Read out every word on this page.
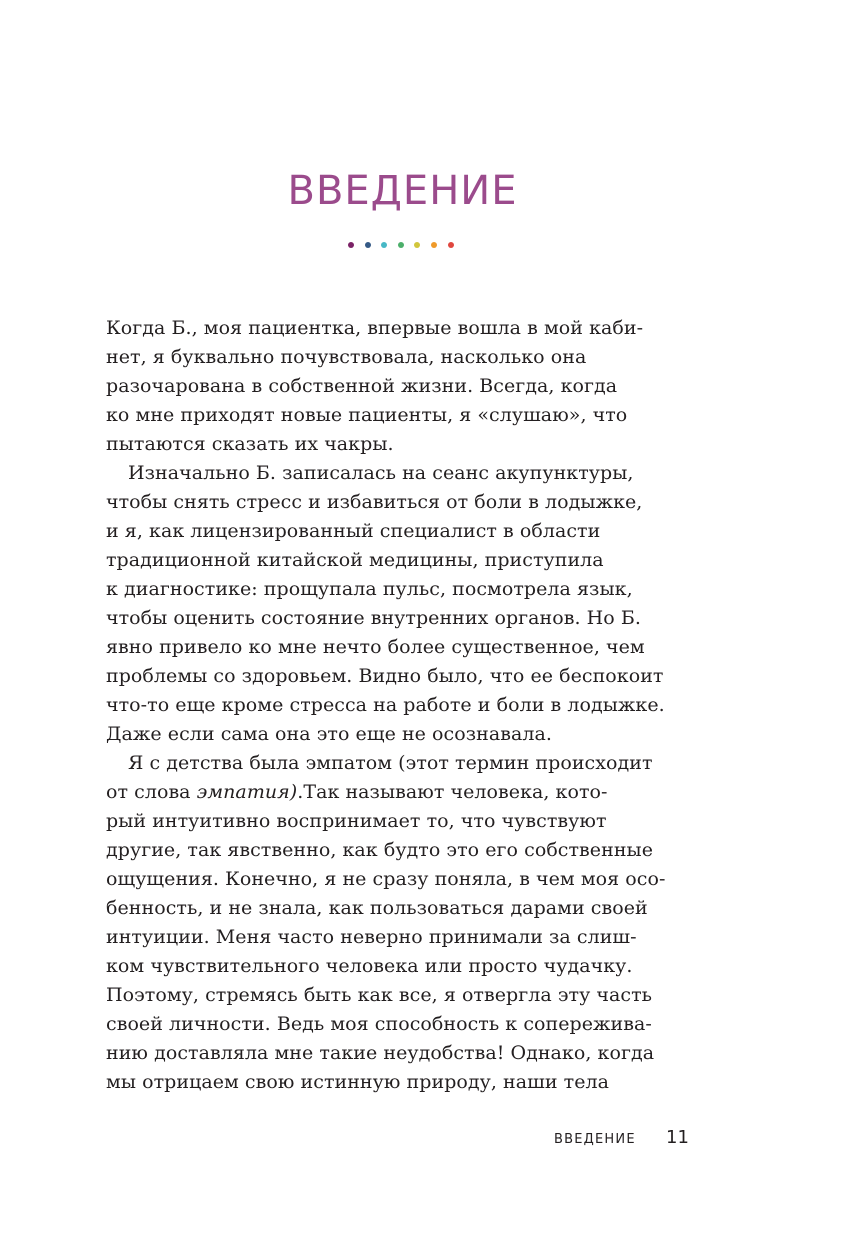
ВВЕДЕНИЕ
Когда Б., моя пациентка, впервые вошла в мой каби-
нет, я буквально почувствовала, насколько она
разочарована в собственной жизни. Всегда, когда
ко мне приходят новые пациенты, я «слушаю», что
пытаются сказать их чакры.
Изначально Б. записалась на сеанс акупунктуры,
чтобы снять стресс и избавиться от боли в лодыжке,
и я, как лицензированный специалист в области
традиционной китайской медицины, приступила
к диагностике: прощупала пульс, посмотрела язык,
чтобы оценить состояние внутренних органов. Но Б.
явно привело ко мне нечто более существенное, чем
проблемы со здоровьем. Видно было, что ее беспокоит
что-то еще кроме стресса на работе и боли в лодыжке.
Даже если сама она это еще не осознавала.
Я с детства была эмпатом (этот термин происходит
от слова эмпатия).Так называют человека, кото-
рый интуитивно воспринимает то, что чувствуют
другие, так явственно, как будто это его собственные
ощущения. Конечно, я не сразу поняла, в чем моя осо-
бенность, и не знала, как пользоваться дарами своей
интуиции. Меня часто неверно принимали за слиш-
ком чувствительного человека или просто чудачку.
Поэтому, стремясь быть как все, я отвергла эту часть
своей личности. Ведь моя способность к сопережива-
нию доставляла мне такие неудобства! Однако, когда
мы отрицаем свою истинную природу, наши тела
ВВЕДЕНИЕ 11
